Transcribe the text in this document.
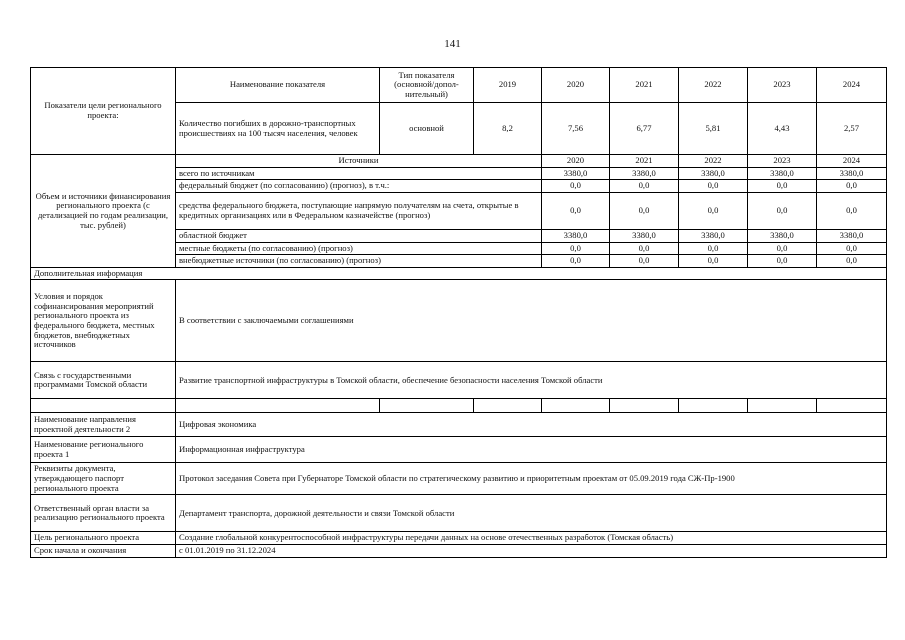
141
Показатели цели регионального проекта:	Наименование показателя	Тип показателя (основной/допол-нительный)	2019	2020	2021	2022	2023	2024
	Количество погибших в дорожно-транспортных происшествиях на 100 тысяч населения, человек	основной	8,2	7,56	6,77	5,81	4,43	2,57
Объем и источники финансирования регионального проекта (с детализацией по годам реализации, тыс. рублей)	Источники			2020	2021	2022	2023	2024
	всего по источникам			3380,0	3380,0	3380,0	3380,0	3380,0
	федеральный бюджет (по согласованию) (прогноз), в т.ч.:			0,0	0,0	0,0	0,0	0,0
	средства федерального бюджета, поступающие напрямую получателям на счета, открытые в кредитных организациях или в Федеральном казначействе (прогноз)			0,0	0,0	0,0	0,0	0,0
	областной бюджет			3380,0	3380,0	3380,0	3380,0	3380,0
	местные бюджеты (по согласованию) (прогноз)			0,0	0,0	0,0	0,0	0,0
	внебюджетные источники (по согласованию) (прогноз)			0,0	0,0	0,0	0,0	0,0
Дополнительная информация								
Условия и порядок софинансирования мероприятий регионального проекта из федерального бюджета, местных бюджетов, внебюджетных источников	В соответствии с заключаемыми соглашениями							
Связь с государственными программами Томской области	Развитие транспортной инфраструктуры в Томской области, обеспечение безопасности населения Томской области							

Наименование направления проектной деятельности 2	Цифровая экономика							
Наименование регионального проекта 1	Информационная инфраструктура							
Реквизиты документа, утверждающего паспорт регионального проекта	Протокол заседания Совета при Губернаторе Томской области по стратегическому развитию и приоритетным проектам от 05.09.2019 года СЖ-Пр-1900							
Ответственный орган власти за реализацию регионального проекта	Департамент транспорта, дорожной деятельности и связи Томской области							
Цель регионального проекта	Создание глобальной конкурентоспособной инфраструктуры передачи данных на основе отечественных разработок (Томская область)							
Срок начала и окончания	с 01.01.2019 по 31.12.2024							
